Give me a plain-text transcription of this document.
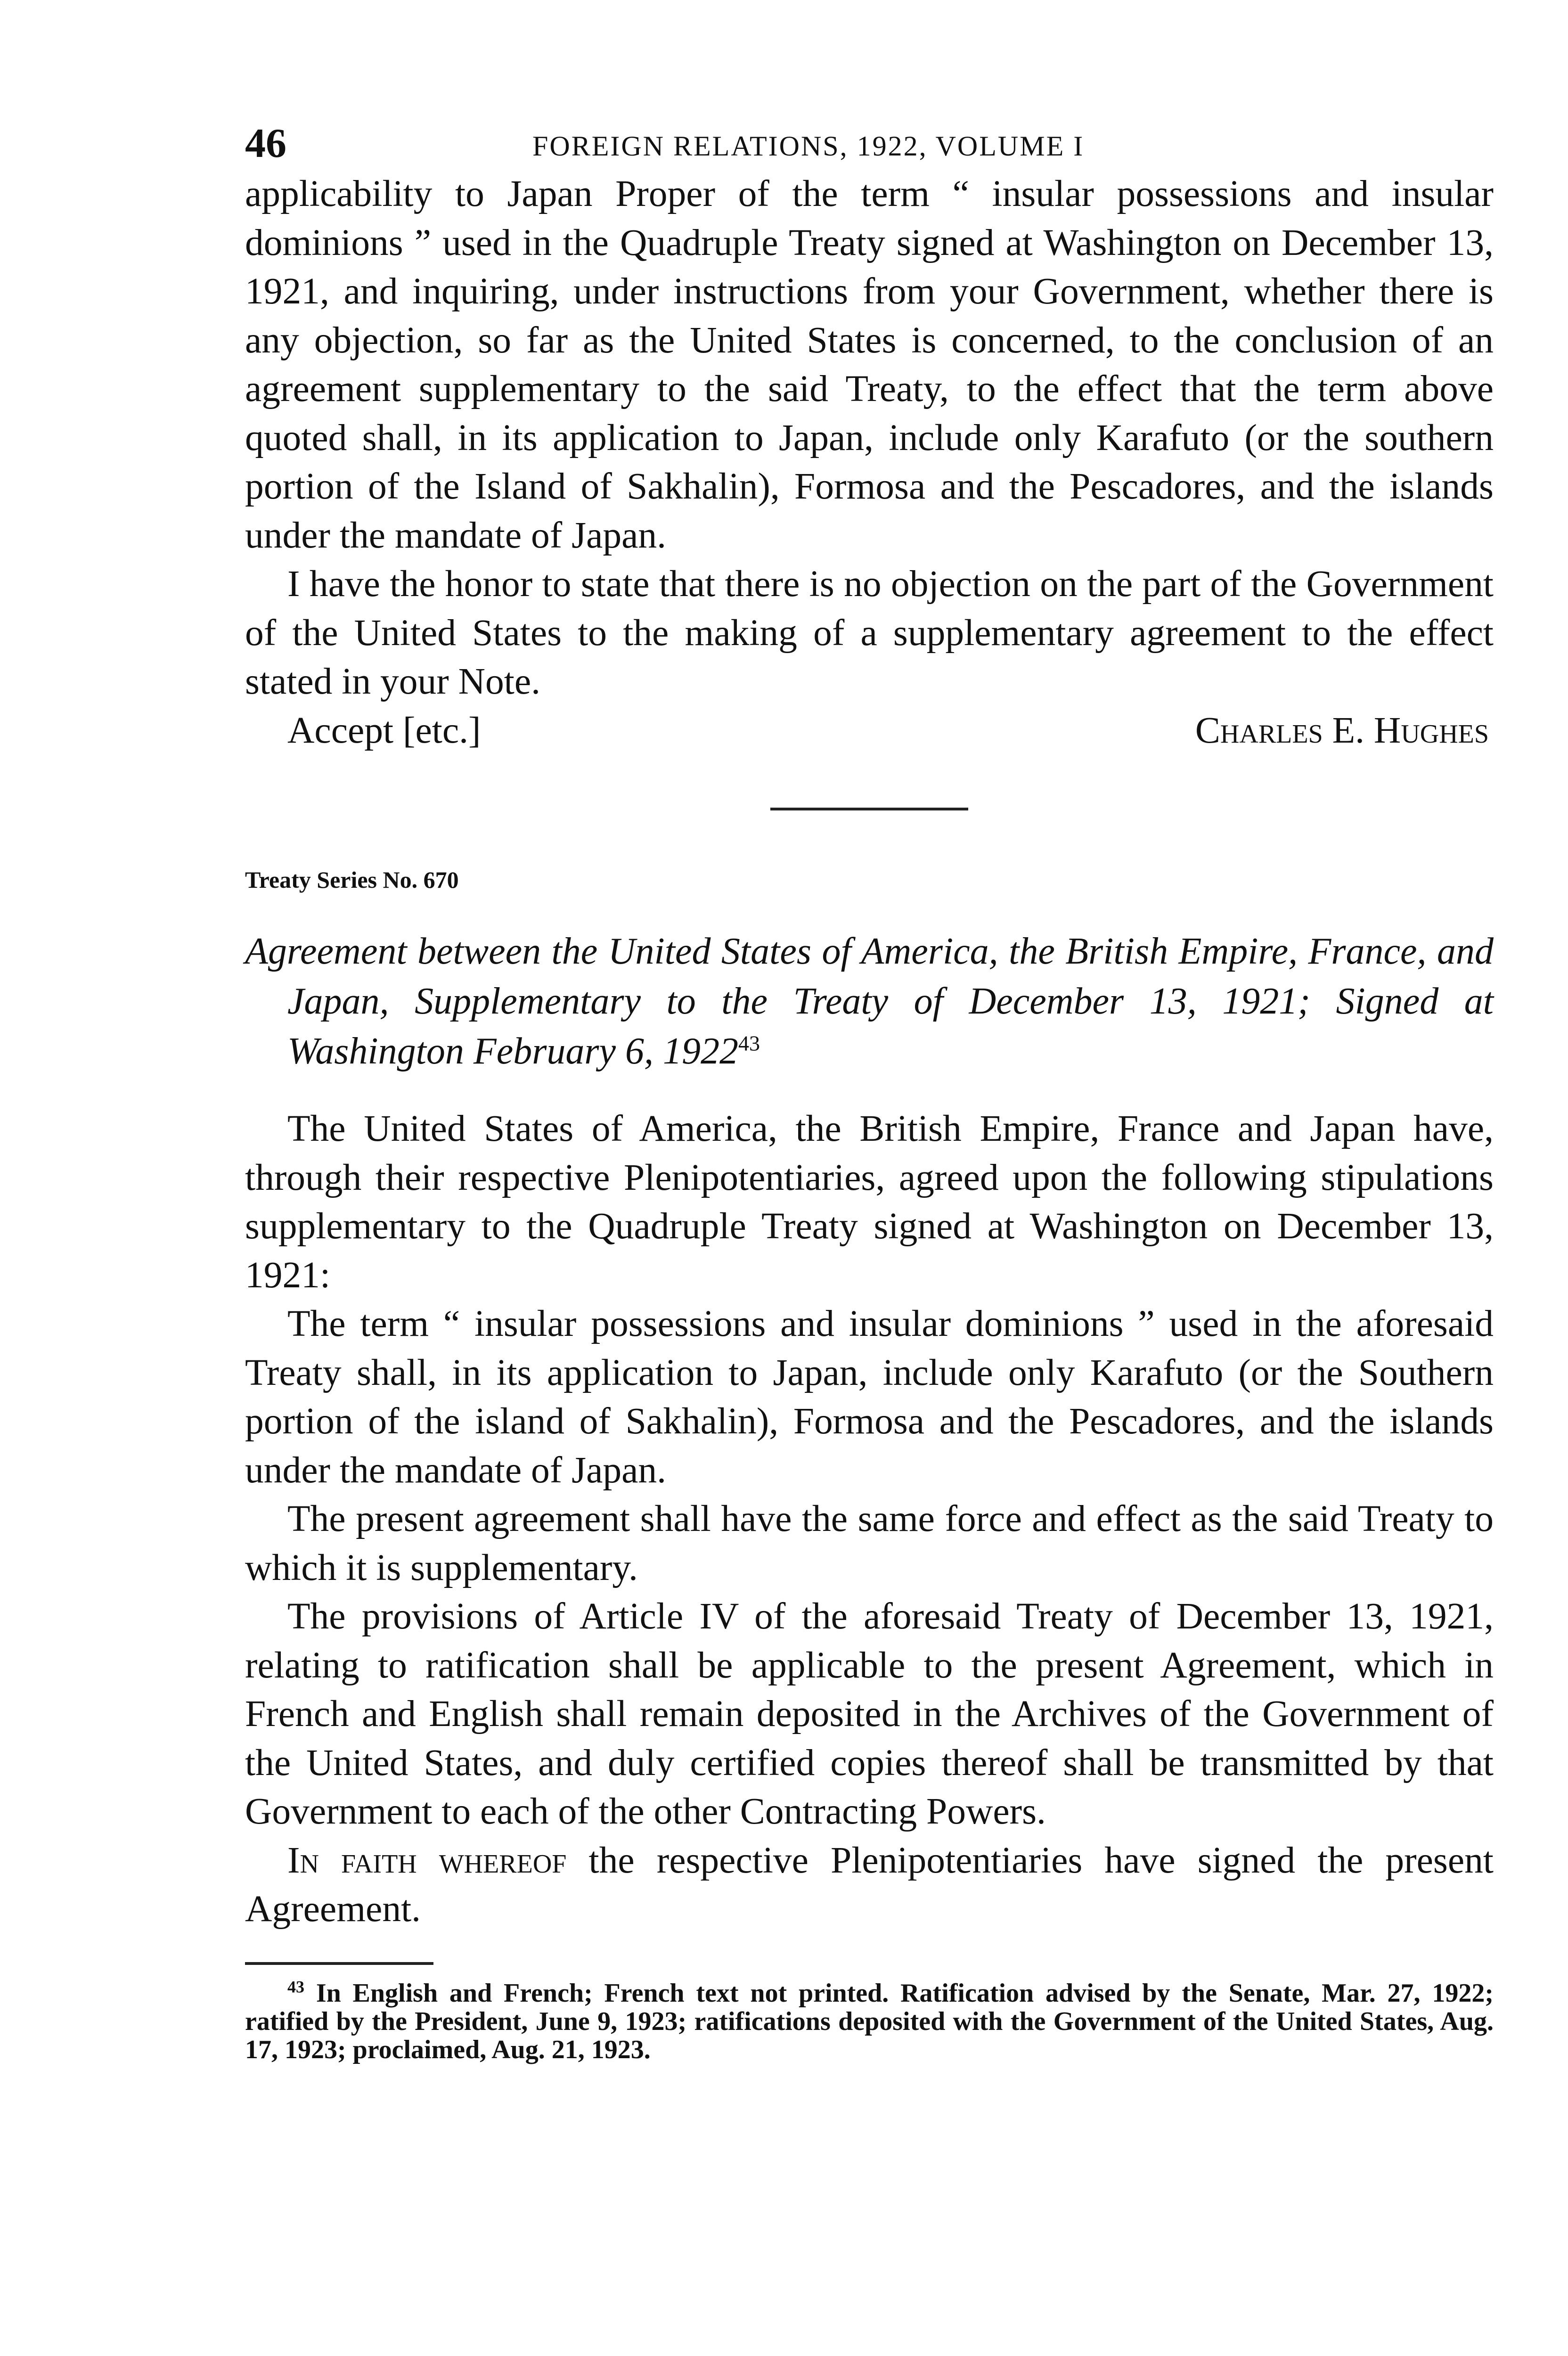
46	FOREIGN RELATIONS, 1922, VOLUME I

applicability to Japan Proper of the term “ insular possessions and insular dominions ” used in the Quadruple Treaty signed at Washington on December 13, 1921, and inquiring, under instructions from your Government, whether there is any objection, so far as the United States is concerned, to the conclusion of an agreement supplementary to the said Treaty, to the effect that the term above quoted shall, in its application to Japan, include only Karafuto (or the southern portion of the Island of Sakhalin), Formosa and the Pescadores, and the islands under the mandate of Japan.

I have the honor to state that there is no objection on the part of the Government of the United States to the making of a supplementary agreement to the effect stated in your Note.

Accept [etc.]	Charles E. Hughes
Treaty Series No. 670
Agreement between the United States of America, the British Empire, France, and Japan, Supplementary to the Treaty of December 13, 1921; Signed at Washington February 6, 1922$^{43}$

The United States of America, the British Empire, France and Japan have, through their respective Plenipotentiaries, agreed upon the following stipulations supplementary to the Quadruple Treaty signed at Washington on December 13, 1921:

The term “ insular possessions and insular dominions ” used in the aforesaid Treaty shall, in its application to Japan, include only Karafuto (or the Southern portion of the island of Sakhalin), Formosa and the Pescadores, and the islands under the mandate of Japan.

The present agreement shall have the same force and effect as the said Treaty to which it is supplementary.

The provisions of Article IV of the aforesaid Treaty of December 13, 1921, relating to ratification shall be applicable to the present Agreement, which in French and English shall remain deposited in the Archives of the Government of the United States, and duly certified copies thereof shall be transmitted by that Government to each of the other Contracting Powers.

In faith whereof the respective Plenipotentiaries have signed the present Agreement.

$^{43}$ In English and French; French text not printed. Ratification advised by the Senate, Mar. 27, 1922; ratified by the President, June 9, 1923; ratifications deposited with the Government of the United States, Aug. 17, 1923; proclaimed, Aug. 21, 1923.
